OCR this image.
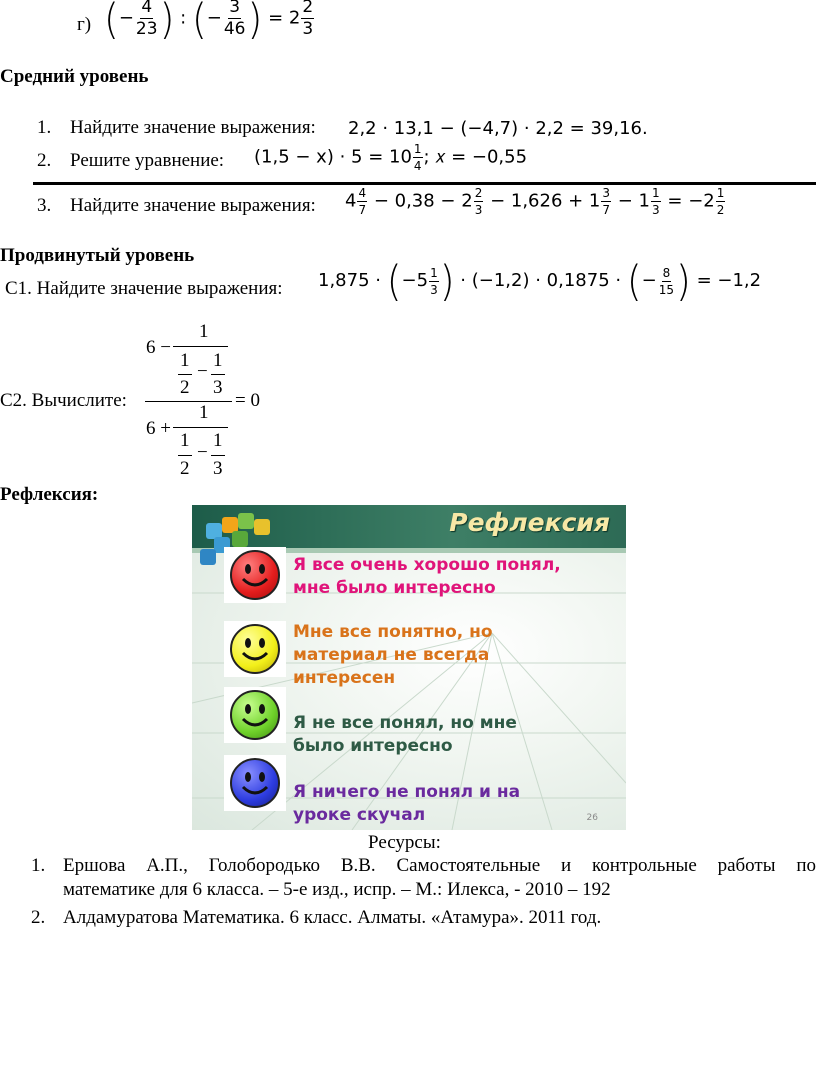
г) (− $\frac{4}{23}$ ) : (− $\frac{3}{46}$ ) = $2 \frac{2}{3}$
Средний уровень
1. Найдите значение выражения: 2,2 · 13,1 − (−4,7) · 2,2 = 39,16.
2. Решите уравнение: $(1,5 - x) \cdot 5 = 10 \frac{1}{4}$ ; 𝑥 = −0,55
3. Найдите значение выражения: $4 \frac{4}{7} - 0,38 - 2 \frac{2}{3} - 1,626 + 1 \frac{3}{7} - 1 \frac{1}{3} = -2 \frac{1}{2}$
Продвинутый уровень
С1. Найдите значение выражения: $1,875 \cdot (-5 \frac{1}{3}$ ) · (−1,2) · 0,1875 · (− $\frac{8}{15}$ ) = −1,2
С2. Вычислите:
6 −
1
1 1
−
2 3
= 0
6 +
1
1 1
−
2 3
Рефлексия:
Рефлексия
Я все очень хорошо понял,
мне было интересно
Мне все понятно, но
материал не всегда
интересен
Я не все понял, но мне
было интересно
Я ничего не понял и на
уроке скучал	26
Ресурсы:
1. Ершова А.П., Голобородько В.В. Самостоятельные и контрольные работы по
математике для 6 класса. – 5-е изд., испр. – М.: Илекса, - 2010 – 192
2. Алдамуратова Математика. 6 класс. Алматы. «Атамура». 2011 год.
